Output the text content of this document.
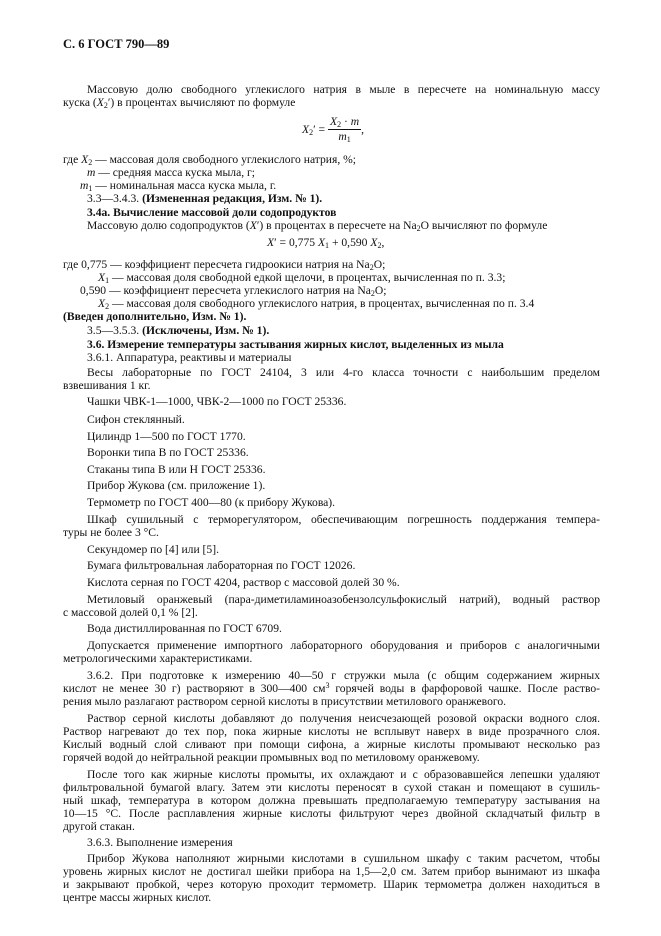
С. 6 ГОСТ 790—89
Массовую долю свободного углекислого натрия в мыле в пересчете на номинальную массу
куска $(X_2')$ в процентах вычисляют по формуле
$X_2' = \frac{X_2 \cdot m}{m_1}$ ,
где $X_2$ — массовая доля свободного углекислого натрия, %;
m — средняя масса куска мыла, г;
$m_1$ — номинальная масса куска мыла, г.
3.3—3.4.3. (Измененная редакция, Изм. № 1).
3.4а. Вычисление массовой доли содопродуктов
Массовую долю содопродуктов (X′) в процентах в пересчете на $Na_2O$ вычисляют по формуле
X′ = 0,775 $X_1 + 0,590$ $X_2$,
где 0,775 — коэффициент пересчета гидроокиси натрия на $Na_2O$;
$X_1$ — массовая доля свободной едкой щелочи, в процентах, вычисленная по п. 3.3;
0,590 — коэффициент пересчета углекислого натрия на $Na_2O$;
$X_2$ — массовая доля свободного углекислого натрия, в процентах, вычисленная по п. 3.4
(Введен дополнительно, Изм. № 1).
3.5—3.5.3. (Исключены, Изм. № 1).
3.6. Измерение температуры застывания жирных кислот, выделенных из мыла
3.6.1. Аппаратура, реактивы и материалы
Весы лабораторные по ГОСТ 24104, 3 или 4-го класса точности с наибольшим пределом
взвешивания 1 кг.
Чашки ЧВК-1—1000, ЧВК-2—1000 по ГОСТ 25336.
Сифон стеклянный.
Цилиндр 1—500 по ГОСТ 1770.
Воронки типа В по ГОСТ 25336.
Стаканы типа В или Н ГОСТ 25336.
Прибор Жукова (см. приложение 1).
Термометр по ГОСТ 400—80 (к прибору Жукова).
Шкаф сушильный с терморегулятором, обеспечивающим погрешность поддержания темпера-
туры не более 3 °С.
Секундомер по [4] или [5].
Бумага фильтровальная лабораторная по ГОСТ 12026.
Кислота серная по ГОСТ 4204, раствор с массовой долей 30 %.
Метиловый оранжевый (пара-диметиламиноазобензолсульфокислый натрий), водный раствор
с массовой долей 0,1 % [2].
Вода дистиллированная по ГОСТ 6709.
Допускается применение импортного лабораторного оборудования и приборов с аналогичными
метрологическими характеристиками.
3.6.2. При подготовке к измерению 40—50 г стружки мыла (с общим содержанием жирных
кислот не менее 30 г) растворяют в 300—400 $см^3$ горячей воды в фарфоровой чашке. После раство-
рения мыло разлагают раствором серной кислоты в присутствии метилового оранжевого.
Раствор серной кислоты добавляют до получения неисчезающей розовой окраски водного слоя.
Раствор нагревают до тех пор, пока жирные кислоты не всплывут наверх в виде прозрачного слоя.
Кислый водный слой сливают при помощи сифона, а жирные кислоты промывают несколько раз
горячей водой до нейтральной реакции промывных вод по метиловому оранжевому.
После того как жирные кислоты промыты, их охлаждают и с образовавшейся лепешки удаляют
фильтровальной бумагой влагу. Затем эти кислоты переносят в сухой стакан и помещают в сушиль-
ный шкаф, температура в котором должна превышать предполагаемую температуру застывания на
10—15 °С. После расплавления жирные кислоты фильтруют через двойной складчатый фильтр в
другой стакан.
3.6.3. Выполнение измерения
Прибор Жукова наполняют жирными кислотами в сушильном шкафу с таким расчетом, чтобы
уровень жирных кислот не достигал шейки прибора на 1,5—2,0 см. Затем прибор вынимают из шкафа
и закрывают пробкой, через которую проходит термометр. Шарик термометра должен находиться в
центре массы жирных кислот.
